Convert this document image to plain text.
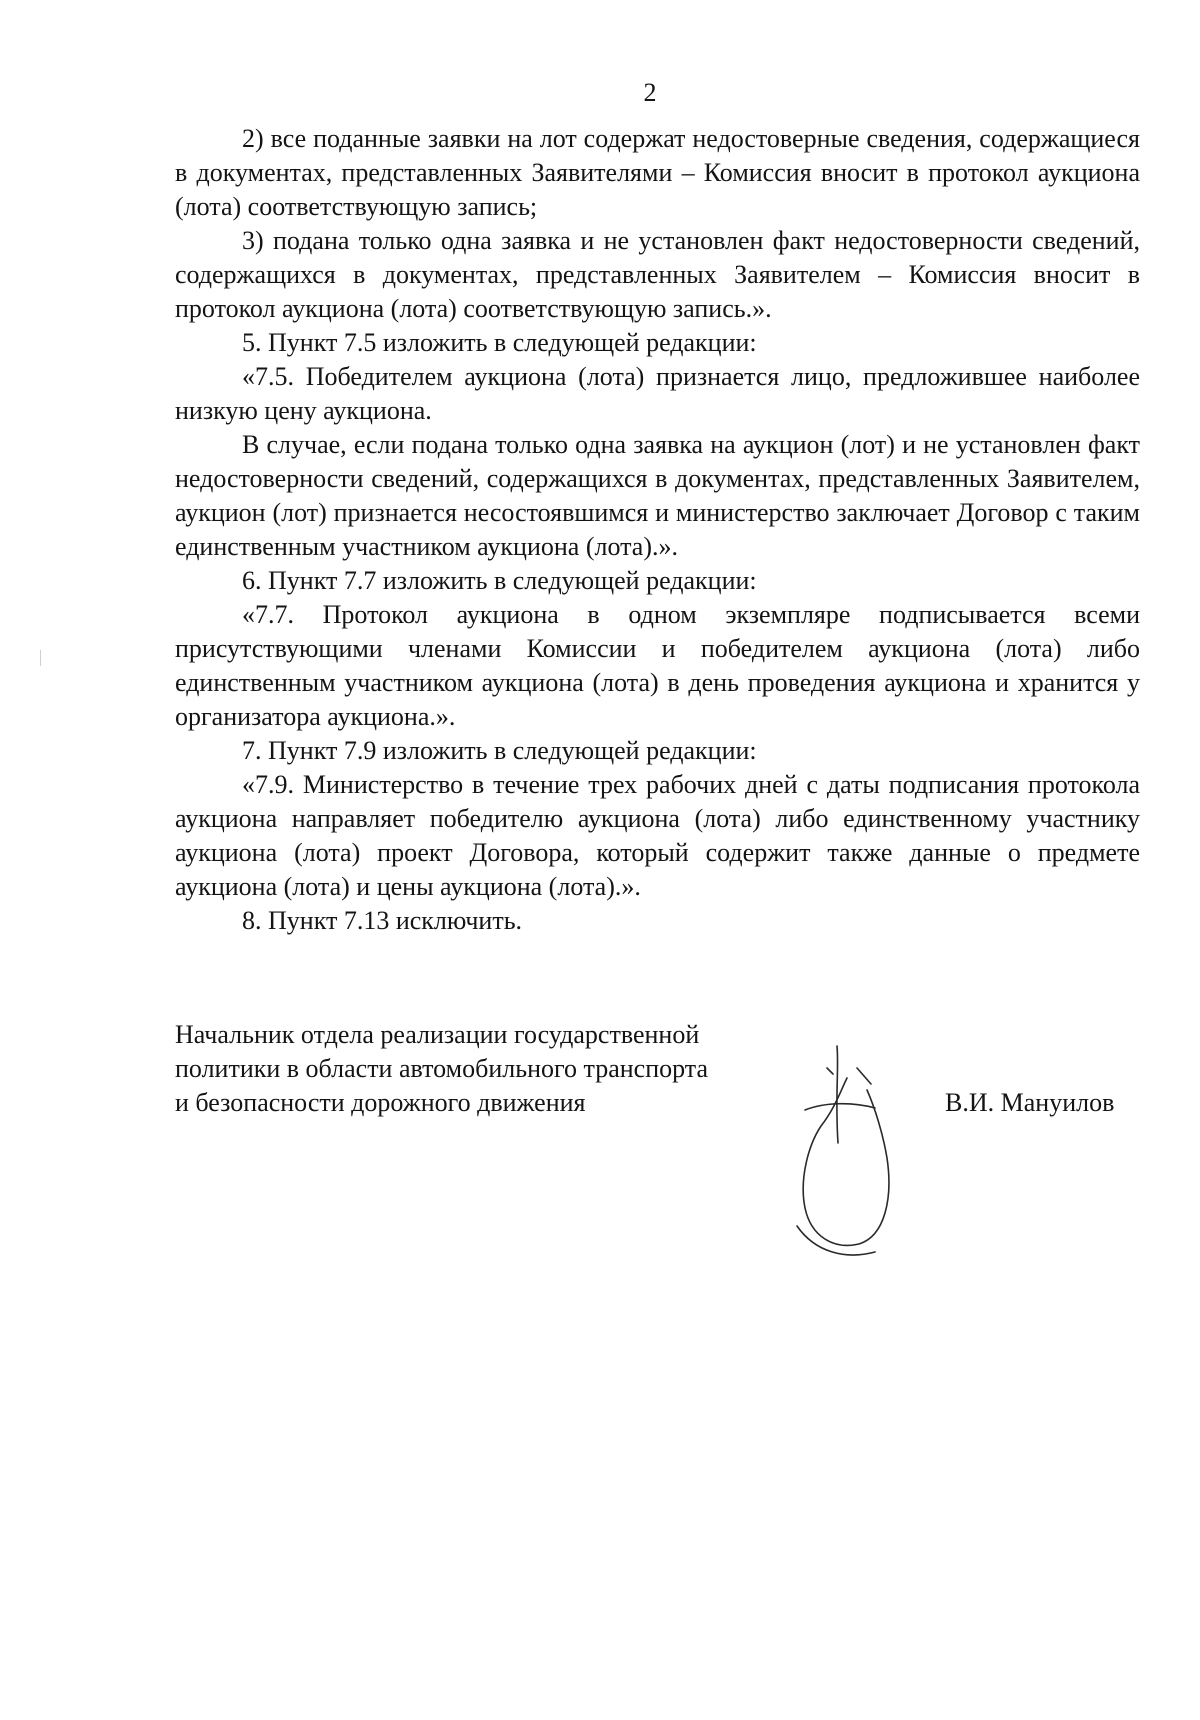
2

2) все поданные заявки на лот содержат недостоверные сведения, содержащиеся в документах, представленных Заявителями – Комиссия вносит в протокол аукциона (лота) соответствующую запись;

3) подана только одна заявка и не установлен факт недостоверности сведений, содержащихся в документах, представленных Заявителем – Комиссия вносит в протокол аукциона (лота) соответствующую запись.».

5. Пункт 7.5 изложить в следующей редакции:

«7.5. Победителем аукциона (лота) признается лицо, предложившее наиболее низкую цену аукциона.

В случае, если подана только одна заявка на аукцион (лот) и не установлен факт недостоверности сведений, содержащихся в документах, представленных Заявителем, аукцион (лот) признается несостоявшимся и министерство заключает Договор с таким единственным участником аукциона (лота).».

6. Пункт 7.7 изложить в следующей редакции:

«7.7. Протокол аукциона в одном экземпляре подписывается всеми присутствующими членами Комиссии и победителем аукциона (лота) либо единственным участником аукциона (лота) в день проведения аукциона и хранится у организатора аукциона.».

7. Пункт 7.9 изложить в следующей редакции:

«7.9. Министерство в течение трех рабочих дней с даты подписания протокола аукциона направляет победителю аукциона (лота) либо единственному участнику аукциона (лота) проект Договора, который содержит также данные о предмете аукциона (лота) и цены аукциона (лота).».

8. Пункт 7.13 исключить.

Начальник отдела реализации государственной
политики в области автомобильного транспорта
и безопасности дорожного движения	В.И. Мануилов
